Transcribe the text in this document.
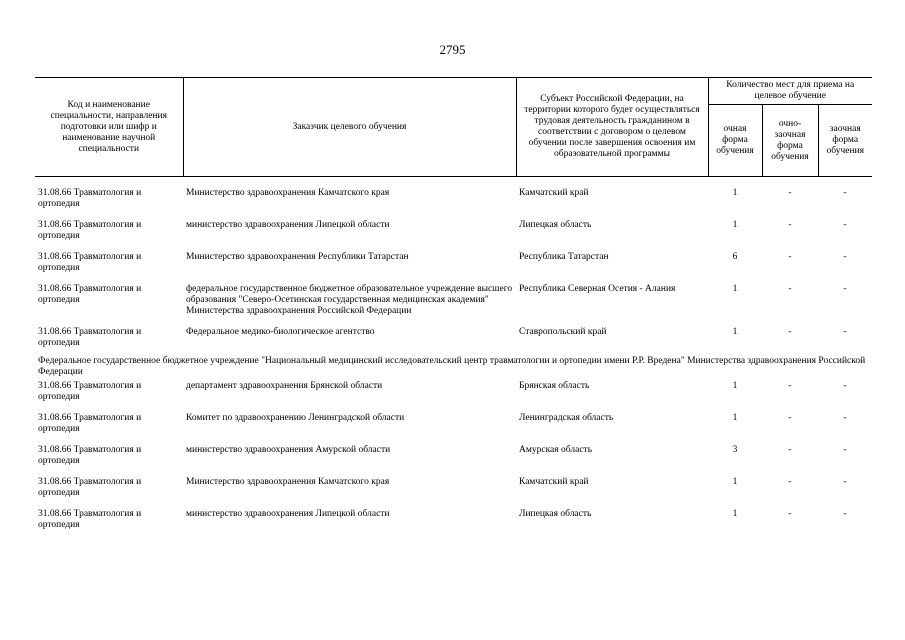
2795
Код и наименование специальности, направления подготовки или шифр и наименование научной специальности	Заказчик целевого обучения	Субъект Российской Федерации, на территории которого будет осуществляться трудовая деятельность гражданином в соответствии с договором о целевом обучении после завершения освоения им образовательной программы	Количество мест для приема на целевое обучение		
			очная форма обучения	очно-заочная форма обучения	заочная форма обучения

31.08.66 Травматология и ортопедия	Министерство здравоохранения Камчатского края	Камчатский край	1	-	-
31.08.66 Травматология и ортопедия	министерство здравоохранения Липецкой области	Липецкая область	1	-	-
31.08.66 Травматология и ортопедия	Министерство здравоохранения Республики Татарстан	Республика Татарстан	6	-	-
31.08.66 Травматология и ортопедия	федеральное государственное бюджетное образовательное учреждение высшего образования "Северо-Осетинская государственная медицинская академия" Министерства здравоохранения Российской Федерации	Республика Северная Осетия - Алания	1	-	-
31.08.66 Травматология и ортопедия	Федеральное медико-биологическое агентство	Ставропольский край	1	-	-
Федеральное государственное бюджетное учреждение "Национальный медицинский исследовательский центр травматологии и ортопедии имени Р.Р. Вредена" Министерства здравоохранения Российской Федерации					
31.08.66 Травматология и ортопедия	департамент здравоохранения Брянской области	Брянская область	1	-	-
31.08.66 Травматология и ортопедия	Комитет по здравоохранению Ленинградской области	Ленинградская область	1	-	-
31.08.66 Травматология и ортопедия	министерство здравоохранения Амурской области	Амурская область	3	-	-
31.08.66 Травматология и ортопедия	Министерство здравоохранения Камчатского края	Камчатский край	1	-	-
31.08.66 Травматология и ортопедия	министерство здравоохранения Липецкой области	Липецкая область	1	-	-
